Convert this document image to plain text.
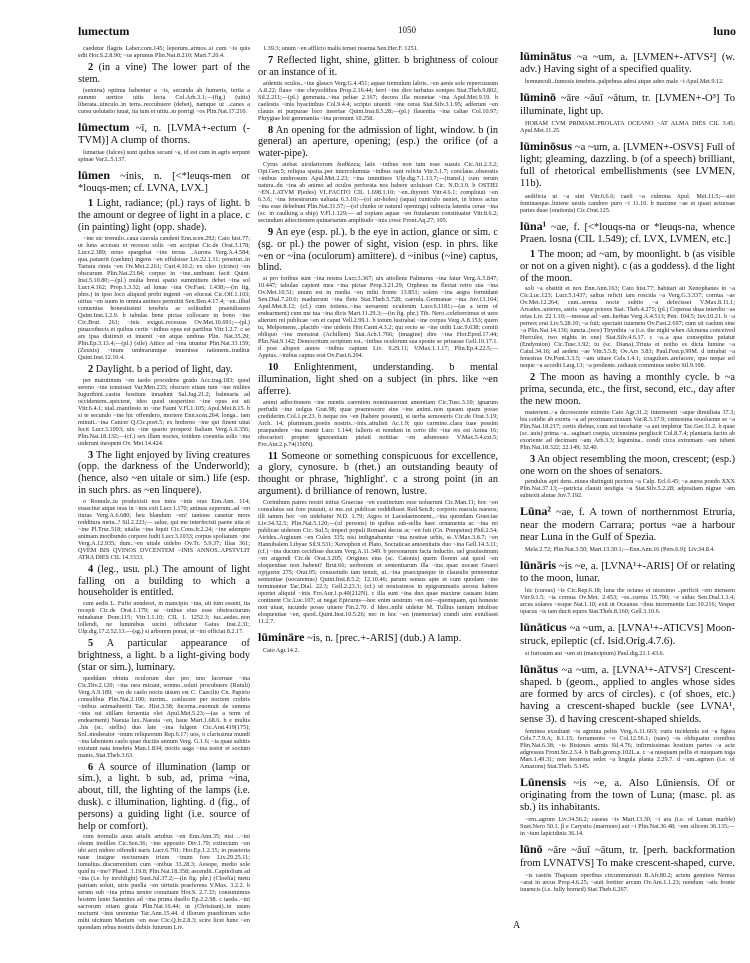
lumectum	1050	luno

caedetur flagris Laber.com.145; leporum..armos..si cum ~is quis edit Hor.S.2.8.90; ~us aprunus Plin.Nat.8.210; Mart.7.20.4.

2 (in a vine) The lower part of the stem.

(semina) optima habentur a ~is, secunda ab humeris, tertia a summo uertice uitis lecta Col.Arb.3.1;—(fig.) (uitis) liberata..uinculo..in terra..reccubuere (debet), namque ut ..canes a cursu uolutatio iuuat, ita tum et uitiu..m porrigi ~os Plin.Nat.17.210.

lūmectum ~ī, n. [LVMA+-ectum (-TVM)] A clump of thorns.

lumariae (falces) sunt quibus secant ~a, id est cum in agris serpunt spinae Var.L.5.137.

lūmen ~inis, n. [<*leuqs-men or *louqs-men; cf. LVNA, LVX.]

1 Light, radiance; (pl.) rays of light. b the amount or degree of light in a place. c (in painting) light (opp. shade).

~ine sic tremulo..caua caerula candent Enn.scen.292; Cato hist.77; ut luna accessu et recessu solis ~en accipiat Cic.de Orat.3.178; Lucr.2.389; nouo spargebat ~ine terras ..Aurora Verg.A.4.584; qua..patuerit (caelum) ingens ~en effulsisse Liv.22.1.11; penetrat..in Tartara rimis ~en Ov.Met.2.261; Curt.4.10.2; ex oleo (cicino) ~en obscurum Plin.Nat.23.84; corpus in ~ine..umbram facit Quint. Inst.5.10.80;—(pl.) multa breui spatio summittere debet ~ina sol Lucr.4.162; Prop.1.3.32; ad lunae ~ina Ov.Fast. 1.438;—(in fig. phrs.) in ipso loco aliquod probi ingenii ~en eluceat Cic.Off.1.103; uirtus ~en suum in omnia animos permittit Sen.Ben.4.17.4; ~en..illud conuentus honestissimi tenebris ac solitudini praetulissem Quint.Inst.1.2.9. b tabulas bene pictas collocare in bono ~ine Cic.Brut. 261; ~inis exigui..recessus Ov.Met.10.691;—(pl.) pinacothecis et quibus certis ~inibus opus est partibus Vitr.1.2.7. c se ars ipsa distinxit et inuenit ~en atque umbras Plin. Nat.35.29; Plin.Ep.3.13.4;—(pl.) (sile) Attico ad ~ina utuntur Plin.Nat.33.159; (Zeuxis) ~inum umbrarumque inuenisse rationem..traditur Quint.Inst.12.10.4.

2 Daylight. b a period of light, day.

per matutinum ~en tardo procedens gradu Acc.trag.183; quod sereno ~ine tonuisset Var.Men.233; obscuro etiam tum ~ine milites Iugurthini..castra hostium innadunt Sal.Jug.21.2; balnearia ad occidentem..spectent, ideo quod uespertino ~ine opus est uti Vitr.6.4.1; uial..manifesto in ~ine Fauni V.Fl.1.105; Apul.Met.8.15. b si te secundo ~ine hic offendero, moriere Enn.scen.264; longa.. iam minuit..~ina Cancer Q.Cic.poet.5; ex hoderno ~ine qui finem uitai fecit Lucr.3.1093; uix ~ine quarto prospexi Italiam Verg.A.6.356; Plin.Nat.18.132;—(cf.) sex illam noctes, totidem coeuntia solis ~ina uiderunt ineopem Ov. Met.14.424.

3 The light enjoyed by living creatures (opp. the darkness of the Underworld); (hence, also ~en uitale or sim.) life (esp. in such phrs. as ~en linquere).

o Romule..tu produxisti nos intra ~inis oras Enn.Ann. 114; enascitur atque oras in ~inis exit Lucr.1.170; animas superum..ad ~en ituras Verg.A.6.680; heu blandum ~en! tantone cauetur mors redditura metu..? Sil.2.223;— salue, qui me interfecisti paene uita et ~ine Pl.Truc.518; uitalia ~ina liquit Cic.Cons.fr.2.24; ~ine adempto animam moribundo corpore fudit Lucr.3.1033; corpus spoliatum ~ine Verg.A.12.935; dum..~en uitale uidebo Ov.Tr. 5.9.37; Ilias 361; QVEM BIS QVINOS DVCENTEM ~INIS ANNOS..APSTVLIT ATRA DIES CIL 14.3333.

4 (leg., usu. pl.) The amount of light falling on a building to which a householder is entitled.

cum aedis L. Fufio uenderet, in mancipio ~ina, uti tum essent, ita recepit Cic.de Orat.1.179; se ~inibus eius esse obstructurum minabatur Dom.115; Vitr.1.1.10; CIL 1. 1252.3; ius..aedes..non tollendi, ne luminibus uicini officiatur Gaius Inst.2.31; Ulp.dig.17.2.52.13.—(sg.) si arborem ponat, ut ~ini officiat 8.2.17.

5 A particular appearance of brightness, a light. b a light-giving body (star or sim.), luminary.

quoddam obtutu oculorum duo pro uno lucernae ~ina Cic.Div.2.120; ~ina rara micant, somno..soluti procubuere (Rutuli) Verg.A.9.189; ~en de caelo noctu uisum est C. Caecilio Cn. Papirio consulibus Plin.Nat.2.100; turrim.. conlucere per noctem crebris ~inibus animaduertit Tac. Hist.3.38; lucerna..euomuit de summa ~inis sui stillam feruentia olei Apul.Met.5.23;—(as a term of endearment) Naeuia lux..Naeuia ~en, haue Mart.1.68.6. b e multis ..his (sc. stellis) duo late ~ina fulgent Cic.Arat.419(175); Sol..moderator ~inum reliquorum Rep.6.17; uos, o clarissima mundi ~ina labentem caelo quae ducitis annum Verg. G.1.6; ~ia quae subitis existunt nata tenebris Man.1.834; noctis uaga ~ina testor et socium manis..Stat.Theb.3.63.

6 A source of illumination (lamp or sim.), a light. b sub, ad, prima ~ina, about, till, the lighting of the lamps (i.e. dusk). c illumination, lighting. d (fig., of persons) a guiding light (i.e. source of help or comfort).

cum tremulis anus attulit artubus ~en Enn.Ann.35; nisi ..~ini oleum instilles Cic.Sen.36; ~ine apposito Div.1.79; extinctum ~en ubi acri nidore offendit naris Lucr.6.791; Hor.Ep.1.2.35; in praetoria naue insigne nocturnum trium ~inum fore Liv.29.25.11; tumultus..discurrentium cum ~inibus 33.28.3; Aesope, medio sole quid tu ~ine? Phaed. 3.19.8; Plin.Nat.18.358; ascendit..Capitolium ad ~ina (i.e. by torchlight) Suet.Jul.37.2;—(in fig. phr.) (Cloelia) metu patriam soluit, uiris puella ~en uirtutis praeferens V.Max. 3.2.2. b serum sub ~ina prima uenire conuiuam Hor.S. 2.7.33; consumimus hostem lento Samnites ad ~ina prima duello Ep.2.2.98. c taeda..~ini sacrorum etiam grata Plin.Nat.16.44; ut (Christiani)..in usum nocturni ~inis urerentur Tac.Ann.15.44. d illorum praediorum scito mihi uicinum Marium ~en esse Cic.Q.fr.2.8.3; scire licet hunc ~en quondam rebus nostris dubiis futurum Liv.

1.39.3; unum ~en afflicto malis temet reserua Sen.Her.F. 1251.

7 Reflected light, shine, glitter. b brightness of colour or an instance of it.

ardentis oculos..~ine glauco Verg.G.4.451; aquae tremulum labris..~en aenis sole repercussum A.8.22; flauo ~ine chrysolithos Prop.2.16.44; ferri ~ine diro turbatus sonipes Stat.Theb.9.802; Sil.2.211;—(pl.) gemmata..~ina peltae 2.167; decora illa monetae ~ina Apul.Met.9.19. b caelestis ~inis hyacinthus Col.9.4.4; scripto uiuenti ~ine ceras Stat.Silv.3.1.95; adferunt ~en clauus et purpurae loco insertae Quint.Inst.8.5.28;—(pl.) flauentia ~ina caltae Col.10.97; Phrygiae loti gemmantia ~ina promunt 10.258.

8 An opening for the admission of light, window. b (in general) an aperture, opening; (esp.) the orifice (of a water-pipe).

Cyrus aiebat uiridariorum διαθέσεις latis ~inibus non tam esse suauis Cic.Att.2.3.2; Opt.Gen.5; reliqua spatia..per intercolumnia ~inibus sunt relicta Vitr.5.1.7; conclaue..obseratis ~inibus umbrosum Apul.Met.2.23; ~ina immittere Ulp.dig.7.1.13.7;—(transf.) cum rerum natura..du ~ina ab animo ad oculos perforata nos habere uoluisset Cic. N.D.3.9. b OSTIEI ~EN..LATVM P(edes) VI..FACITO CIL 1.698.1.10; ~en..thyretri Vitr.4.6.1; compluuii ~en 6.3.6; ~ina fenestrarum ualuata 6.3.10;—(of air-holes) (aqua) cuniculo ueniet, in binos actus ~ina esse debebunt Plin.Nat.31.57;—(of chinks or natural openings) subiecta latentia cerae ~ina (sc. in caulking a ship) V.Fl.1.129;— ad copiam aquae ~en fistularum constituatur Vitr.8.6.2; secundum adiectionem quinariarum amplitudo ~inis cresc Front.Aq.27; 105.

9 An eye (esp. pl.). b the eye in action, glance or sim. c (sg. or pl.) the power of sight, vision (esp. in phrs. like ~en or ~ina (oculorum) amittere). d ~inibus (~ine) captus, blind.

si pro foribus sunt ~ina nostra Lucr.3.367; uix attollens Palinurus ~ina fatur Verg.A.5.847; 10.447; tabulae capient mea ~ina pictae Prop.3.21.29; Orpheus ne flectat retro sua ~ina Ov.Met.10.51; unum est in media ~en mihi fronte 13.851; solem ~ina aegra formidant Sen.Dial.7.20.6; maduerunt ~ina fletu Stat.Theb.5.728; caerula..Germanae ~ina Juv.13.164; Apul.Met.8.12; (cf.) cum totiens..~ina uersarent oculorum Lucr.6.1181;—(as a term of endearment) cum me tua ~ina dicis Mart.11.29.3;—(in fig. phr.) Tib. Nero..celeberrimus et uere alterum rei publicae ~en et caput Vell.2.99.1. b totum lustrabat ~ine corpus Verg.A.8.153; quem tu, Melpomene,..placido ~ine uideris Hor.Carm.4.3.2; qui recto se ~ine uidit Luc.9.638; comiti obliquo ~ine monstrat (Achillem) Stat.Ach.1.766; (imagine) dire ~ina Hor.Epod.17.44; Plin.Nat.9.142; Democritum scriptum est..~inibus oculorum sua sponte se priuasse Gell.10.17.1. d post aliquot annos ~inibus captum Liv. 9.29.11; V.Max.1.1.17; Plin.Ep.4.22.5;—Appius..~inibus captus erat Ov.Fast.6.204.

10 Enlightenment, understanding. b mental illumination, light shed on a subject (in phrs. like ~en afferre).

animi adfectionem ~ine mentis carentem nominauerunt amentiam Cic.Tusc.3.10; ignarum perfudit ~ine uolgus Grat.98; quae praenoscere sine ~ine animi..non queam quam posse crediderim Col.1.pr.23. b neque res ~en (habere possunt), si uerba semoueris Cic.de Orat.3.19; Arch. 14; plurimum..poetis nostris..~inis..attulisti Ac.1.9; quo carmine..clara tuae possim praepandere ~ina menti Lucr. 1.144; falleris et nondum in certo tibi ~ine res est Aetna 16; obscuriori propter ignorantiam pietati notitiae ~en adsmoueo V.Max.5.4.ext.5; Fro.Aur.2.p.74(150N).

11 Someone or something conspicuous for excellence, a glory, cynosure. b (rhet.) an outstanding beauty of thought or phrase, 'highlight'. c a strong point (in an argument). d brilliance of renown, lustre.

Corinthum patres nostri totius Graeciae ~en exstinctum esse uoluerunt Cic.Man.11; hoc ~en consulatus sui fore putauit, si me..rei publicae reddidisset Red.Sen.8; corporis macula naeuos; illi tamen hoc ~en uidebatur N.D. 1.79; Argos et Lacedaemonem,..~ina quondam Graeciae Liv.34.32.5; Plin.Nat.5.120;—(of persons) in quibus sub-sellis haec ornamenta ac ~ina rei publicae uiderem Cic. Sul.5; imperi populi Romani decus ac ~en fuit (Cn. Pompeius) Phil.2.54; Atrides..Argiuum ~en Culex 335; nisi indignabuntur ~ina nostrae urbis, si..V.Max.3.8.7; ~en Hannibalem Libyae Sil.9.531; Xenophon et Plato, Socraticae amoenitatis duo ~ina Gell.14.3.11; (cf.) ~ina ducum cecidisse ducum Verg.A.11.349. b personarum facta inductio, uel grauissimum ~en augendi Cic.de Orat.3.205; Origines eius (sc. Catonis) quem florem aut quod ~en eloquentiae non habent? Brut.66; uerborum et sententiarum illa ~ina quae uocant Graeci σχήματα 275; Orat.95; consuetudo iam tenuit, ut..~ina praecipueque in clausulis ponerentur sententiae (uocaremus) Quint.Inst.8.5.2; 12.10.46; parum sensus apte et cum quodam ~ine terminantur Tac.Dial. 22.3; Gell.2.23.3; (cf.) ut nouissimos in epigrammatis uersus habere oportet aliquid ~inis Fro.Aur.1.p.40(212N). c illa sunt ~ina duo quae maxime causam istam continent Cic.Luc.107; at negat Epicurus—hoc enim uestrum ~en est—quemquam, qui honeste non uiuat, iucunde posse uiuere Fin.2.70. d Ideo..mihi uidetur M. Tullius tantum intulisse eloquentiae ~en, quod..Quint.Inst.10.5.26; nec in hoc ~en (memoriae) crandi uim extulisset 11.2.7.

lūmināre ~is, n. [prec.+-ARIS] (dub.) A lamp.

Cato Agr.14.2.

lūminātus ~a ~um, a. [LVMEN+-ATVS²] (w. adv.) Having sight of a specified quality.

homunculi..fumosis tenebris..palpebras adesi atque adeo male ~i Apul.Met.9.12.

lūminō ~āre ~āuī ~ātum, tr. [LVMEN+-O³] To illuminate, light up.

HORAM CVM PRIMAM..PROLATA OCEANO ~AT ALMA DIES CIL 3.45; Apul.Met.11.25.

lūminōsus ~a ~um, a. [LVMEN+-OSVS] Full of light; gleaming, dazzling. b (of a speech) brilliant, full of rhetorical embellishments (see LVMEN, 11b).

aedificia ut ~a sint Vitr.6.6.6; caeli ~a culmina Apul. Met.11.5;—uiri feminaeque..lintene uestis candore puro ~i 11.10. b maxime ~ae et quasi actuosae partes duae (orationis) Cic.Orat.125.

lūna¹ ~ae, f. [<*louqs-na or *leuqs-na, whence Praen. losna (CIL 1.549); cf. LVX, LVMEN, etc.]

1 The moon; ad ~am, by moonlight. b (as visible or not on a given night). c (as a goddess). d the light of the moon.

soli ~a obstitit et nox Enn.Ann.163; Cato hist.77; habitari ait Xenophanes in ~a Cic.Luc.123; Lucr.5.1437; saltus reficit iam roscida ~a Verg.G.3.337; cornua ~ae Ov.Met.12.264; cum..serena nocte subito ~a defecisset V.Max.8.11.1; Arcades..ueteres, astris ~aque priores Stat. Theb.4.275; (pl.) Copenas duas interdiu ~as ortas Liv. 22.1.10;—messae ad ~am..herbae Verg.A.4.513; Petr. 104.5; Juv.10.21. b ~a pernox erat Liv.5.28.10; ~a fuit; spectant iuuenem Ov.Fast.2.697; cum sit caelum sine ~a Plin.Nat.14.136; iuncta..(nox) Tirynthia ~a (i.e. the night when Alcmena conceived Hercules, two nights in one) Stat.Silv.4.6.17. c ~a..a qua consopitus putatur (Endymion) Cic.Tusc.1.92; tu (sc. Diana)..Triuia et notho es dicta lumine ~a Catul.34.16; ad aedem ~ae Vitr.5.5.8; Ov.Ars 3.83; Paul.Fest.p.99M. d intrabat ~a fenestras Ov.Pont.3.3.5; ~am uitare Cels.1.4.1; coagulum..arefacere, quo neque sol neque ~a accedit Larg.13; ~a prodente..radiauit comminus umbo Sil.9.108.

2 The moon as having a monthly cycle. b ~a prima, secunda, etc., the first, second, etc., day after the new moon.

materiem..~a decrescente eximito Cato Agr.31.2; intermestri ~aque dimidiata 37.3; bis cotidie ab exorta ~a ad proximam nouam Var.R.3.17.9; centesima reuoluente se ~a Plin.Nat.18.217; certis diebus, cum aut incohatur ~a aut impletur Tac.Ger.11.2. b quae (sc. auis) prima ~a.. saginari coepta, uicensima pergliscit Col.8.7.4; plantaria facito ab exoriente ad decimam ~am Arb.3.3; legumina.. condi circa extremam ~am iubent Plin.Nat.18.322; 22.149; 32.40.

3 An object resembling the moon, crescent; (esp.) one worn on the shoes of senators.

pendulus apri dens..niuea distinguit pectora ~a Calp. Ecl.6.45; ~a aurea pondo XXX Plin.Nat.37.13;—patricia clausit uestigia ~a Stat.Silv.5.2.28; adpositam nigrae ~am subtexit alutae Juv.7.192.

Lūna² ~ae, f. A town of northernmost Etruria, near the modern Carrara; portus ~ae a harbour near Luna in the Gulf of Spezia.

Mela 2.72; Plin.Nat.3.50; Mart.13.30.1;—Enn.Ann.16 (Pers.6.9); Liv.34.8.4.

lūnāris ~is ~e, a. [LVNA¹+-ARIS] Of or relating to the moon, lunar.

hic (cursus) ~is Cic.Rep.6.18; luna die octauo et uicesimo ..perficit ~em mensem Vitr.9.1.5; ~ia cornua Ov.Met. 2.453; ~es..currus 15.790; ~e sidus Sen.Dial.1.1.4; arcus solares ~esque Nat.1.10; exit ut Oceanus ~ibus incrementis Luc.10.216; Vesper opacus ~is iam ducit equos Stat.Theb.8.160; Gell.3.10.6.

lūnāticus ~a ~um, a. [LVNA¹+-ATICVS] Moon-struck, epileptic (cf. Isid.Orig.4.7.6).

si furiosum aut ~um sit (mancipium) Paul.dig.21.1.43.6.

lūnātus ~a ~um, a. [LVNA¹+-ATVS²] Crescent-shaped. b (geom., applied to angles whose sides are formed by arcs of circles). c (of shoes, etc.) having a crescent-shaped buckle (see LVNA¹, sense 3). d having crescent-shaped shields.

feminea exsultant ~is agmina peltis Verg.A.11.663; cutis incidenda est ~a figura Cels.7.7.9.A; 8.1.15; ferramento ~o Col.12.56.1; (nare) ~is obliquatur cornibus Plin.Nat.6.38; ~is Bistones armis Sil.4.76; infirmissimas hostium partes ~a acie adgressus Front.Str.2.3.4. b Balb.grom.p.102L.a. c ~a nusquam pellis et nusquam toga Mart.1.49.31; non hesterna sedet ~a lingula planta 2.29.7. d ~um..agmen (i.e. of Amazons) Stat.Theb. 5.145.

Lūnensis ~is ~e, a. Also Lūniensis. Of or originating from the town of Luna; (masc. pl. as sb.) its inhabitants.

~em..agrum Liv.34.56.2; caseus ~is Mart.13.30; ~i ara (i.e. of Lunan marble) Suet.Nero 50.1. β e Carystio (marmore) aut ~i Plin.Nat.36.48; ~em silicem 36.135;— in ~ium lapicidinis 36.14.

lūnō ~āre ~āuī ~ātum, tr. [perh. backformation from LVNATVS] To make crescent-shaped, curve.

~is castris Thapsum operibus circummuniuit B.Afr.80.2; aciem geminos Nereus ~arat in arcus Prop.4.6.25; ~auit fortiter arcum Ov.Am.1.1.23; nondum ~atis fronte iuuencis (i.e. fully horned) Stat.Theb.6.267.

A
